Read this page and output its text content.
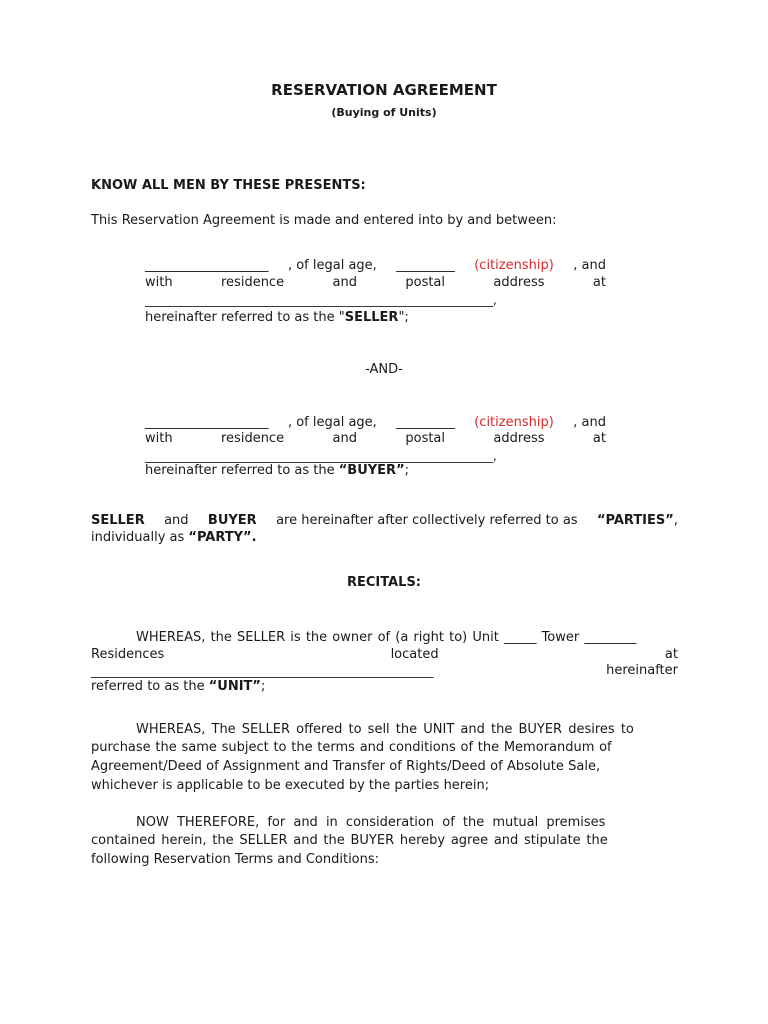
RESERVATION AGREEMENT
(Buying of Units)
KNOW ALL MEN BY THESE PRESENTS:
This Reservation Agreement is made and entered into by and between:
___________________ , of legal age, _________ (citizenship) , and
with	residence	and	postal	address	at
____________________________________________________________,
hereinafter referred to as the "SELLER";
-AND-
___________________ , of legal age, _________ (citizenship) , and
with	residence	and	postal	address	at
____________________________________________________________,
hereinafter referred to as the “BUYER”;
SELLER and BUYER are hereinafter after collectively referred to as “PARTIES”,
individually as “PARTY”.
RECITALS:
WHEREAS, the SELLER is the owner of (a right to) Unit _____ Tower ________
Residences	located	at
___________________________________________________________	hereinafter
referred to as the “UNIT”;
WHEREAS, The SELLER offered to sell the UNIT and the BUYER desires to
purchase the same subject to the terms and conditions of the Memorandum of
Agreement/Deed of Assignment and Transfer of Rights/Deed of Absolute Sale,
whichever is applicable to be executed by the parties herein;
NOW THEREFORE, for and in consideration of the mutual premises
contained herein, the SELLER and the BUYER hereby agree and stipulate the
following Reservation Terms and Conditions:
